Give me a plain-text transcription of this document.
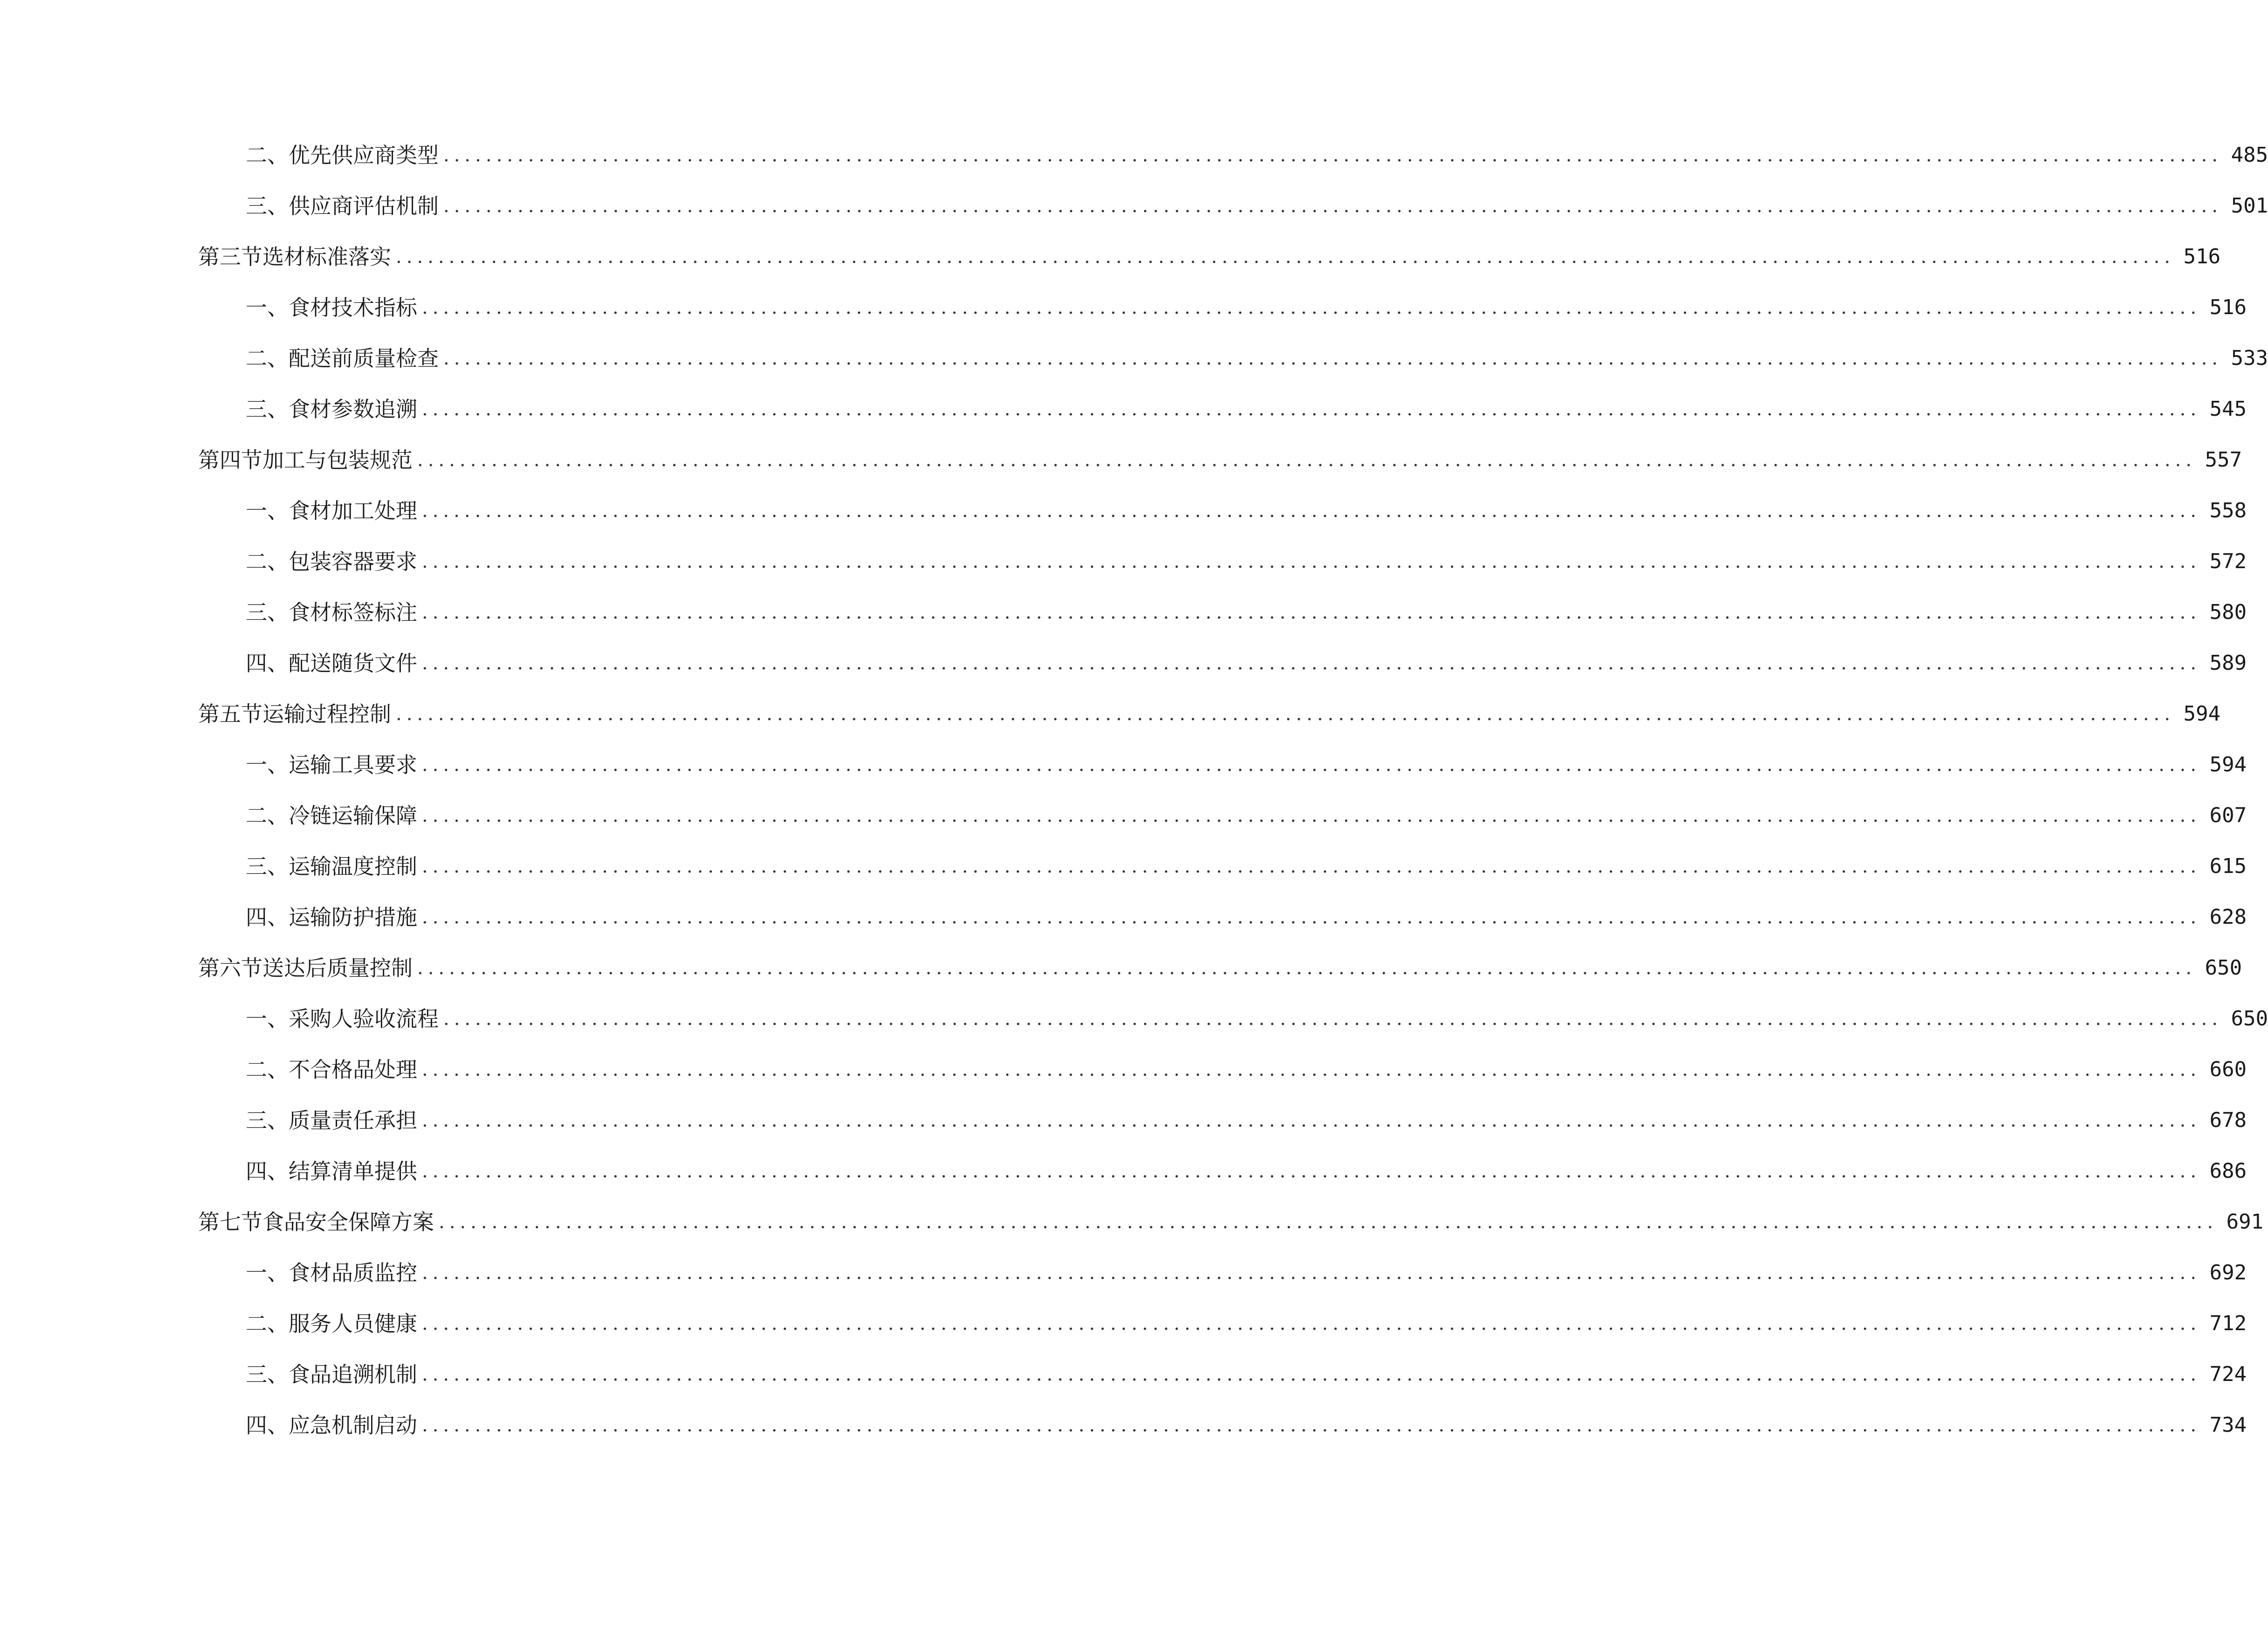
二、 优先供应商类型 ........................................................................................................................................................................ 485
三、 供应商评估机制 ........................................................................................................................................................................ 501
第三节 选材标准落实 ........................................................................................................................................................................ 516
一、 食材技术指标 ........................................................................................................................................................................ 516
二、 配送前质量检查 ........................................................................................................................................................................ 533
三、 食材参数追溯 ........................................................................................................................................................................ 545
第四节 加工与包装规范 ........................................................................................................................................................................ 557
一、 食材加工处理 ........................................................................................................................................................................ 558
二、 包装容器要求 ........................................................................................................................................................................ 572
三、 食材标签标注 ........................................................................................................................................................................ 580
四、 配送随货文件 ........................................................................................................................................................................ 589
第五节 运输过程控制 ........................................................................................................................................................................ 594
一、 运输工具要求 ........................................................................................................................................................................ 594
二、 冷链运输保障 ........................................................................................................................................................................ 607
三、 运输温度控制 ........................................................................................................................................................................ 615
四、 运输防护措施 ........................................................................................................................................................................ 628
第六节 送达后质量控制 ........................................................................................................................................................................ 650
一、 采购人验收流程 ........................................................................................................................................................................ 650
二、 不合格品处理 ........................................................................................................................................................................ 660
三、 质量责任承担 ........................................................................................................................................................................ 678
四、 结算清单提供 ........................................................................................................................................................................ 686
第七节 食品安全保障方案 ........................................................................................................................................................................ 691
一、 食材品质监控 ........................................................................................................................................................................ 692
二、 服务人员健康 ........................................................................................................................................................................ 712
三、 食品追溯机制 ........................................................................................................................................................................ 724
四、 应急机制启动 ........................................................................................................................................................................ 734
